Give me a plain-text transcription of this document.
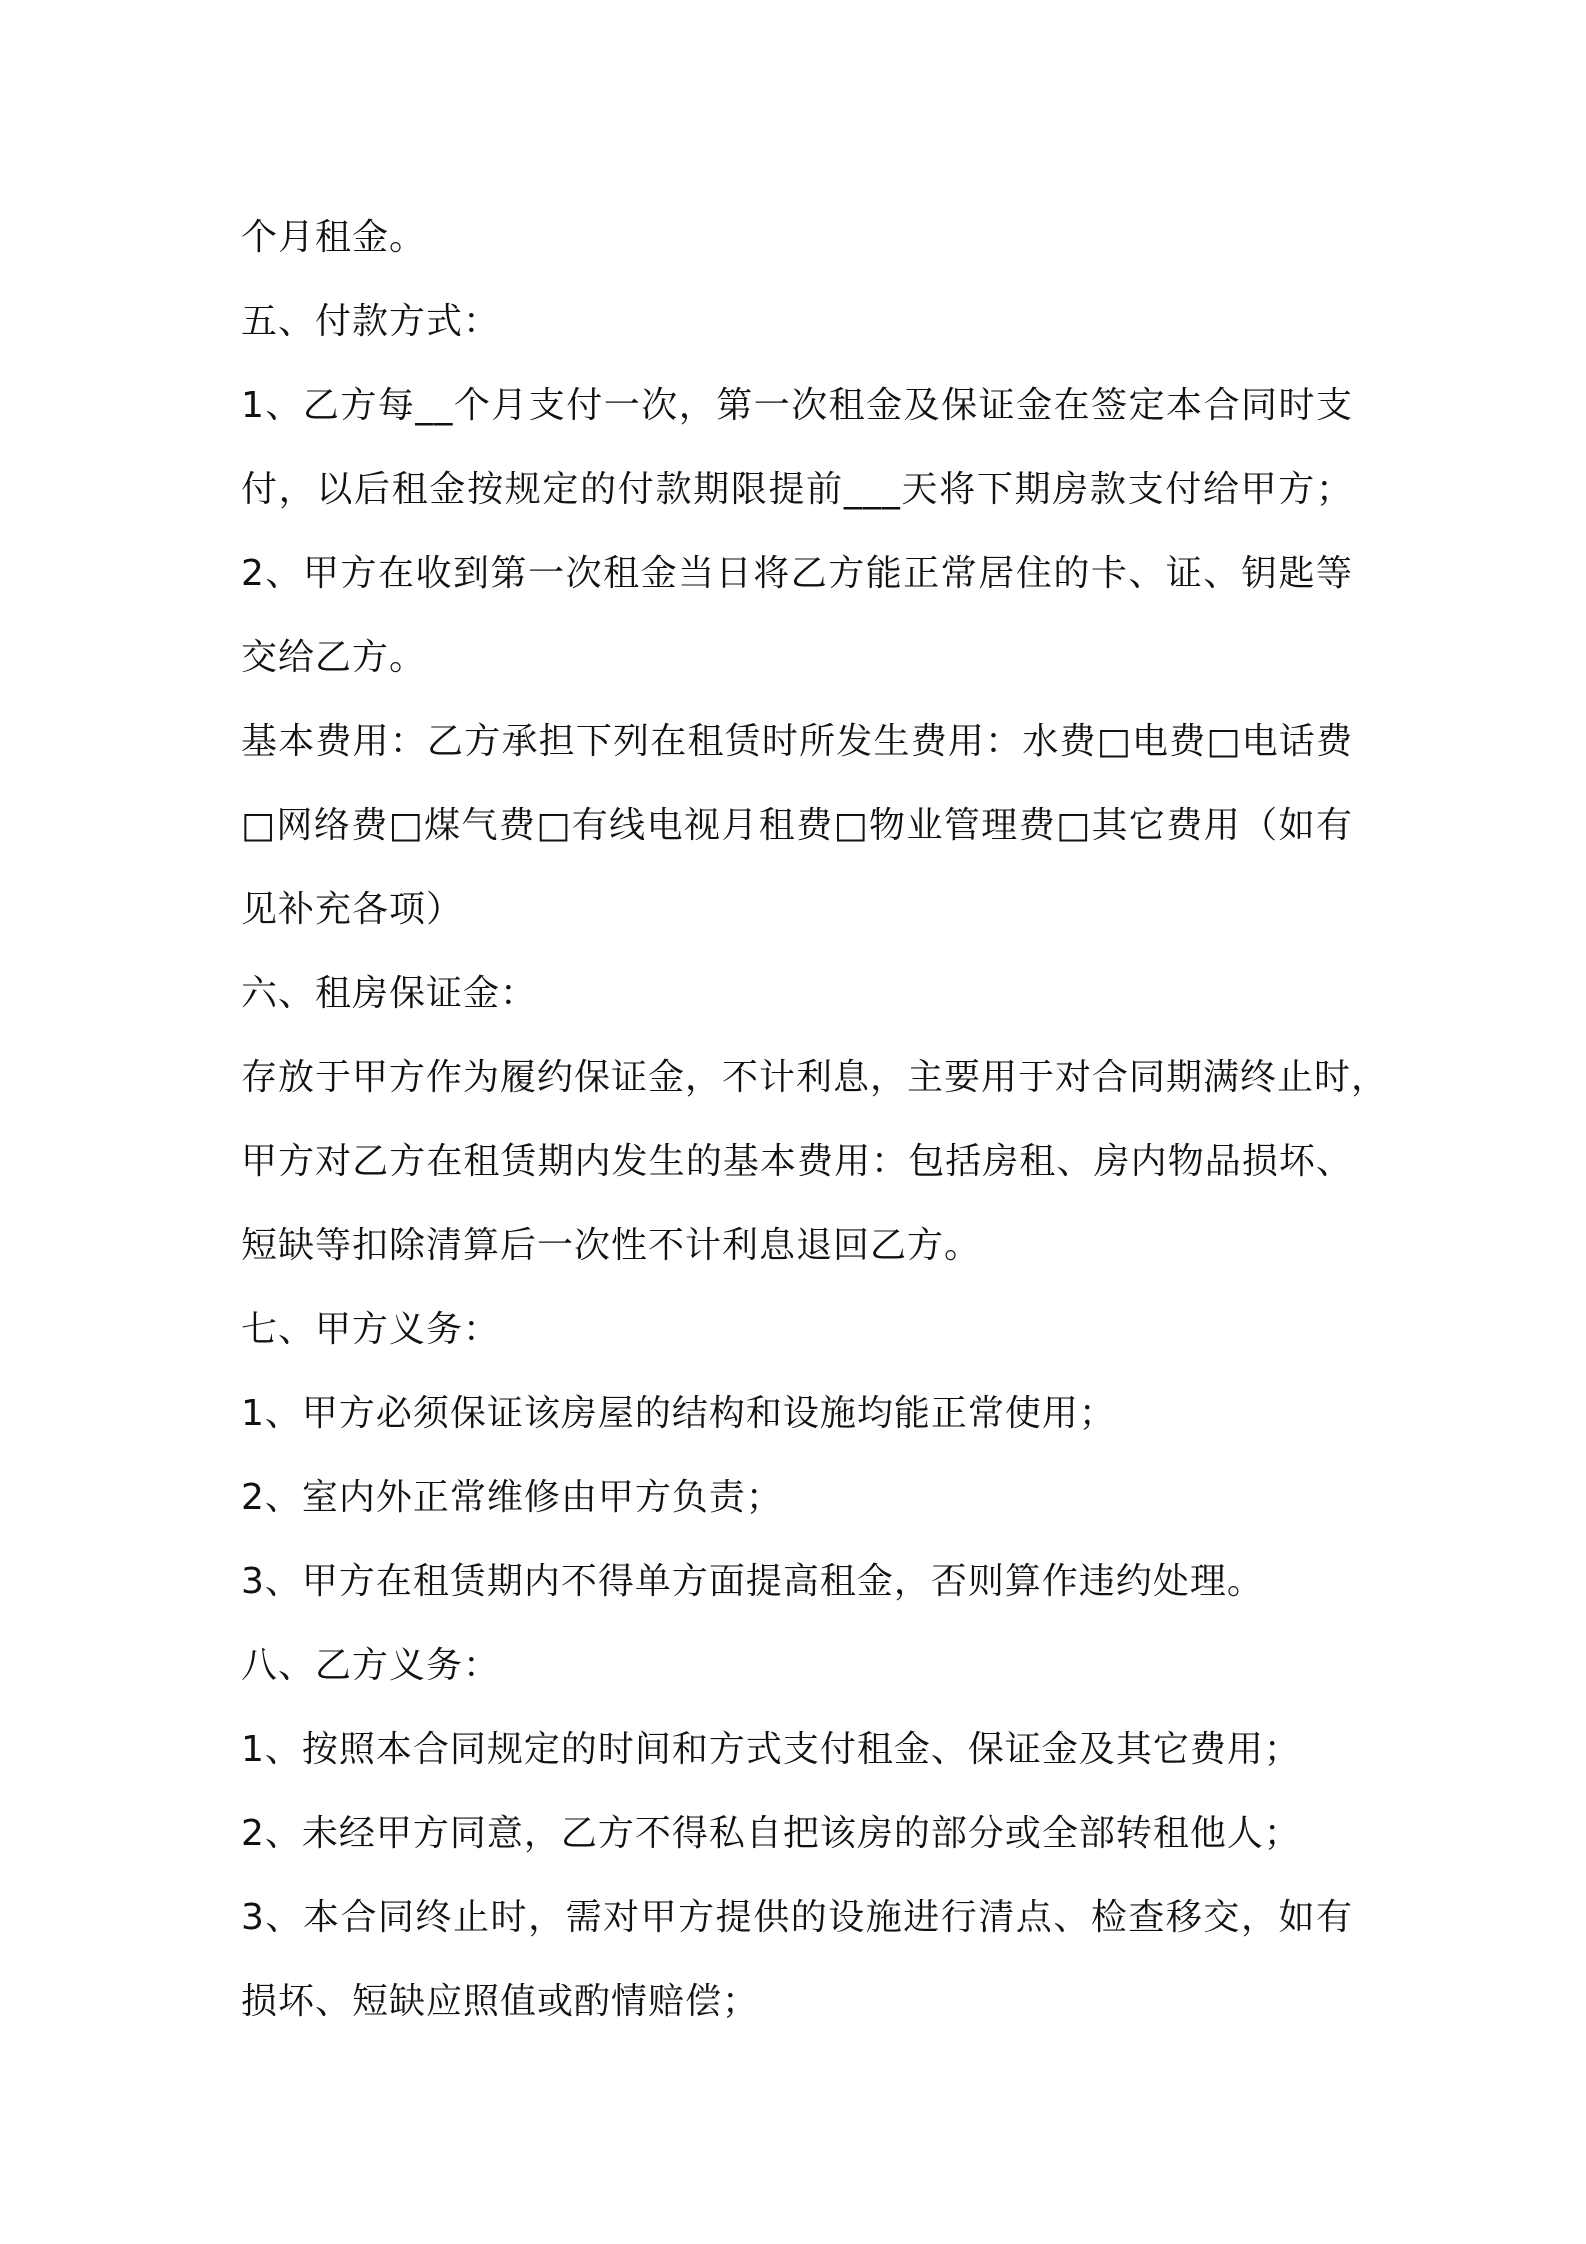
个月租金。
五、付款方式：
1、乙方每__个月支付一次，第一次租金及保证金在签定本合同时支
付，以后租金按规定的付款期限提前___天将下期房款支付给甲方；
2、甲方在收到第一次租金当日将乙方能正常居住的卡、证、钥匙等
交给乙方。
基本费用：乙方承担下列在租赁时所发生费用：水费□电费□电话费
□网络费□煤气费□有线电视月租费□物业管理费□其它费用（如有
见补充各项）
六、租房保证金：
存放于甲方作为履约保证金，不计利息，主要用于对合同期满终止时，
甲方对乙方在租赁期内发生的基本费用：包括房租、房内物品损坏、
短缺等扣除清算后一次性不计利息退回乙方。
七、甲方义务：
1、甲方必须保证该房屋的结构和设施均能正常使用；
2、室内外正常维修由甲方负责；
3、甲方在租赁期内不得单方面提高租金，否则算作违约处理。
八、乙方义务：
1、按照本合同规定的时间和方式支付租金、保证金及其它费用；
2、未经甲方同意，乙方不得私自把该房的部分或全部转租他人；
3、本合同终止时，需对甲方提供的设施进行清点、检查移交，如有
损坏、短缺应照值或酌情赔偿；
